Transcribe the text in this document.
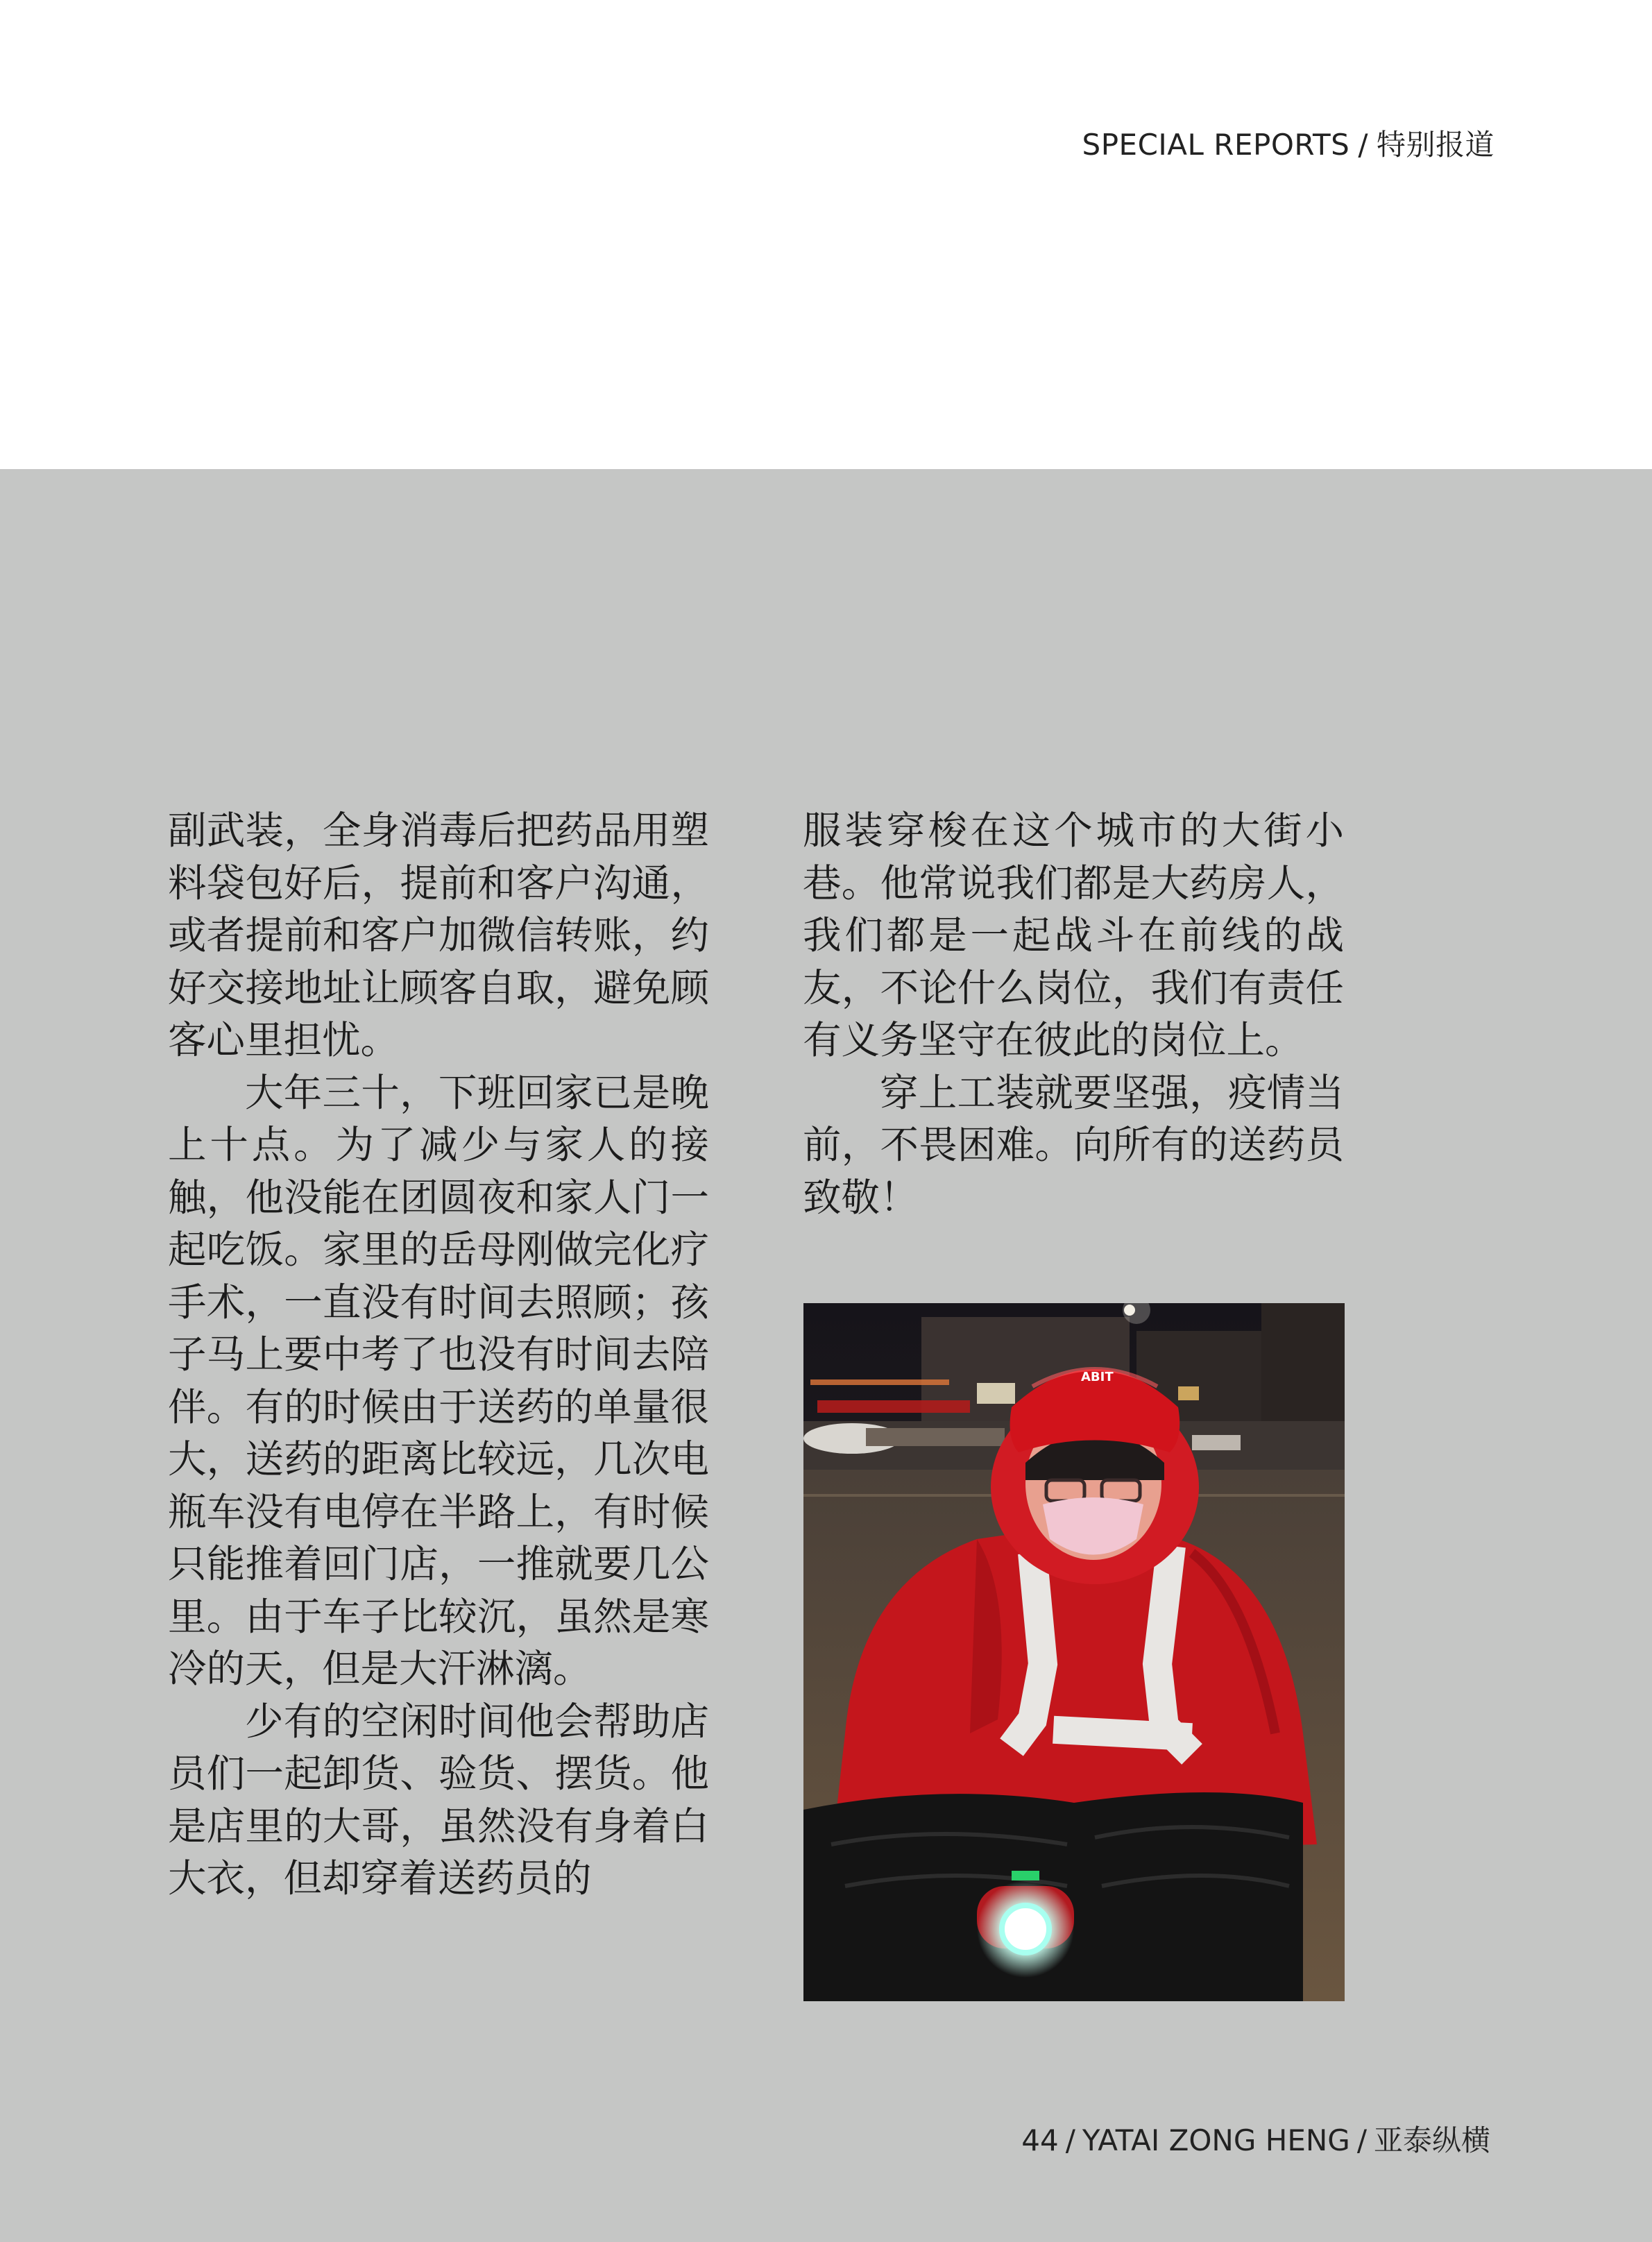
SPECIAL REPORTS / 特别报道

副武装，全身消毒后把药品用塑料袋包好后，提前和客户沟通，或者提前和客户加微信转账，约好交接地址让顾客自取，避免顾客心里担忧。

大年三十，下班回家已是晚上十点。为了减少与家人的接触，他没能在团圆夜和家人门一起吃饭。家里的岳母刚做完化疗手术，一直没有时间去照顾；孩子马上要中考了也没有时间去陪伴。有的时候由于送药的单量很大，送药的距离比较远，几次电瓶车没有电停在半路上，有时候只能推着回门店，一推就要几公里。由于车子比较沉，虽然是寒冷的天，但是大汗淋漓。

少有的空闲时间他会帮助店员们一起卸货、验货、摆货。他是店里的大哥，虽然没有身着白大衣，但却穿着送药员的

服装穿梭在这个城市的大街小巷。他常说我们都是大药房人，我们都是一起战斗在前线的战友，不论什么岗位，我们有责任有义务坚守在彼此的岗位上。

穿上工装就要坚强，疫情当前，不畏困难。向所有的送药员致敬！

ABIT
44 / YATAI ZONG HENG / 亚泰纵横
